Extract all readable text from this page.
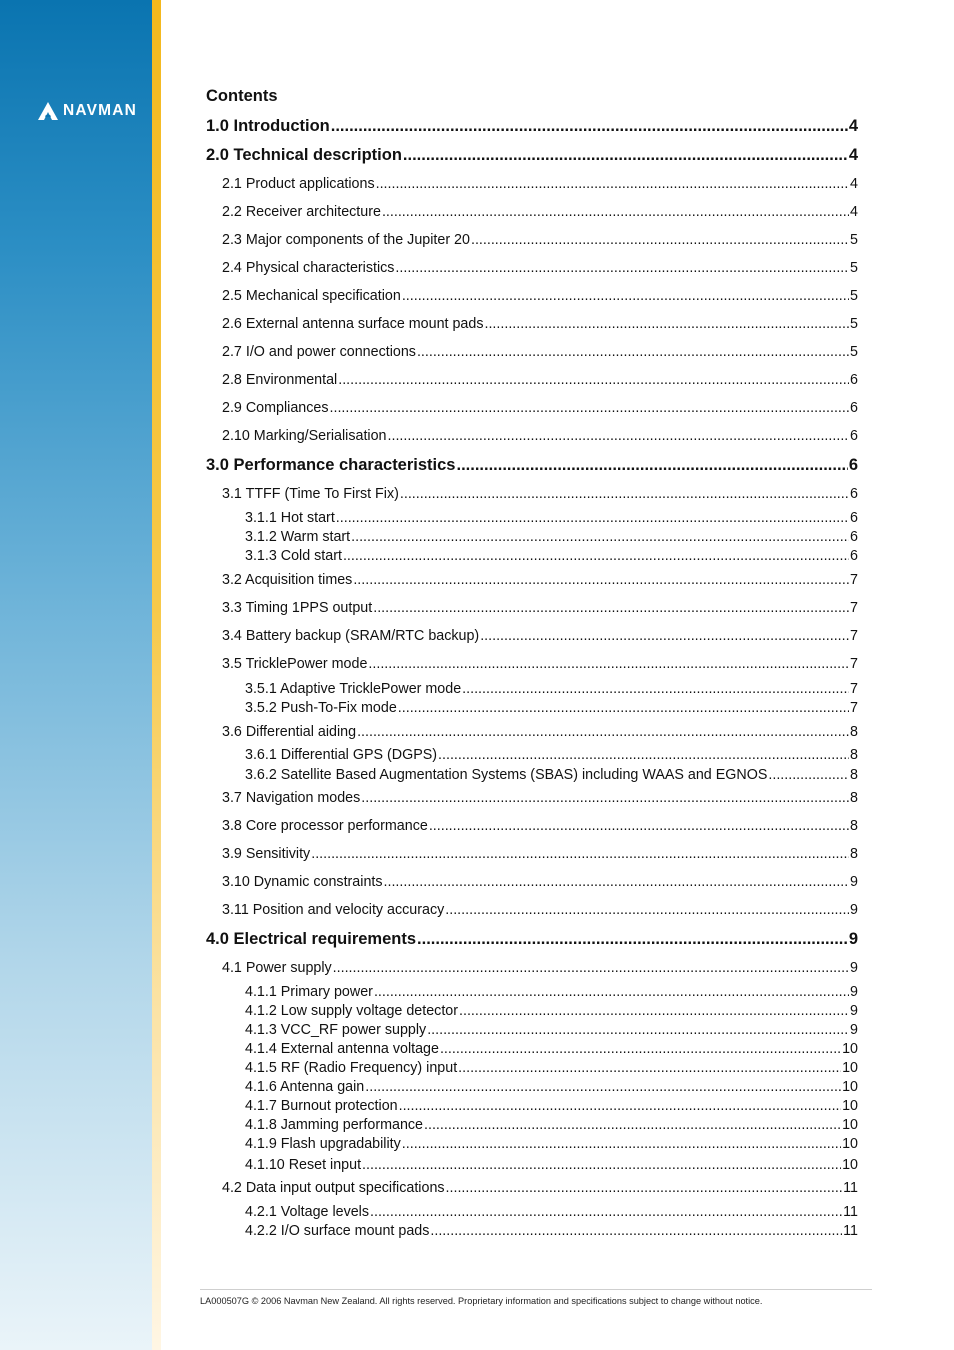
NAVMAN
Contents
1.0 Introduction .....	4
2.0 Technical description .....	4
2.1 Product applications .....	4
2.2 Receiver architecture .....	4
2.3 Major components of the Jupiter 20 .....	5
2.4 Physical characteristics .....	5
2.5 Mechanical specification .....	5
2.6 External antenna surface mount pads .....	5
2.7 I/O and power connections .....	5
2.8 Environmental .....	6
2.9 Compliances .....	6
2.10 Marking/Serialisation .....	6
3.0 Performance characteristics .....	6
3.1 TTFF (Time To First Fix) .....	6
3.1.1 Hot start .....	6
3.1.2 Warm start .....	6
3.1.3 Cold start .....	6
3.2 Acquisition times .....	7
3.3 Timing 1PPS output .....	7
3.4 Battery backup (SRAM/RTC backup) .....	7
3.5 TricklePower mode .....	7
3.5.1 Adaptive TricklePower mode .....	7
3.5.2 Push-To-Fix mode .....	7
3.6 Differential aiding .....	8
3.6.1 Differential GPS (DGPS) .....	8
3.6.2 Satellite Based Augmentation Systems (SBAS) including WAAS and EGNOS .....	8
3.7 Navigation modes .....	8
3.8 Core processor performance .....	8
3.9 Sensitivity .....	8
3.10 Dynamic constraints .....	9
3.11 Position and velocity accuracy .....	9
4.0 Electrical requirements .....	9
4.1 Power supply .....	9
4.1.1 Primary power .....	9
4.1.2 Low supply voltage detector .....	9
4.1.3 VCC_RF power supply .....	9
4.1.4 External antenna voltage .....	10
4.1.5 RF (Radio Frequency) input .....	10
4.1.6 Antenna gain .....	10
4.1.7 Burnout protection .....	10
4.1.8 Jamming performance .....	10
4.1.9 Flash upgradability .....	10
4.1.10 Reset input .....	10
4.2 Data input output specifications .....	11
4.2.1 Voltage levels .....	11
4.2.2 I/O surface mount pads .....	11
LA000507G © 2006 Navman New Zealand. All rights reserved. Proprietary information and specifications subject to change without notice.
